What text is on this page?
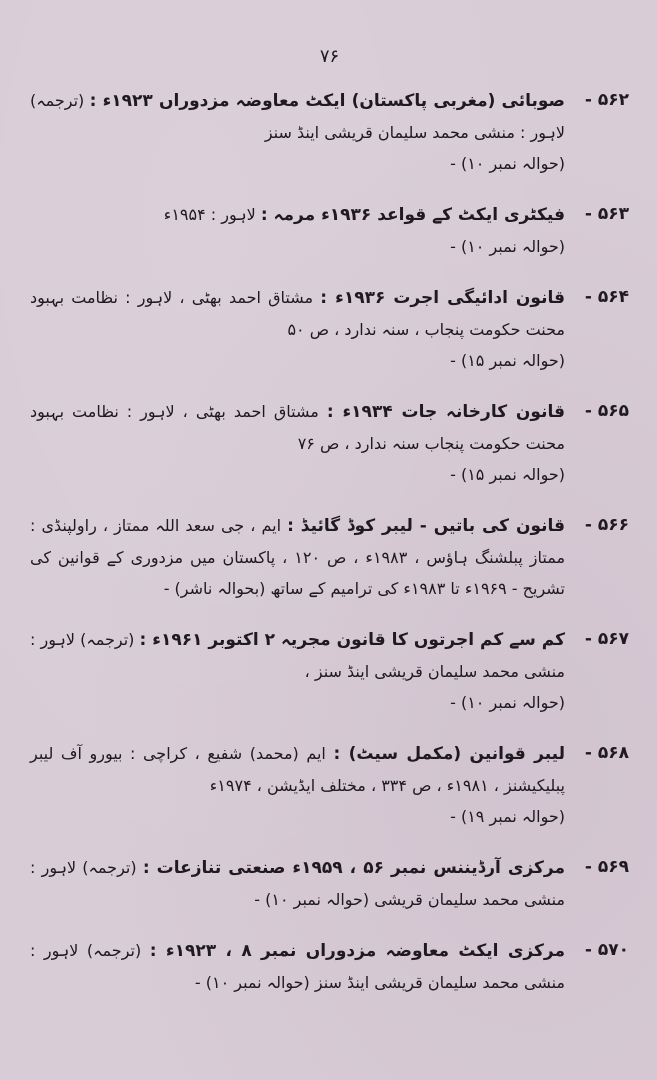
۷۶
۵۶۲ -
صوبائی (مغربی پاکستان) ایکٹ معاوضہ مزدوراں ۱۹۲۳ء : (ترجمہ) لاہور : منشی محمد سلیمان قریشی اینڈ سنز
(حوالہ نمبر ۱۰) -
۵۶۳ -
فیکٹری ایکٹ کے قواعد ۱۹۳۶ء مرمہ : لاہور : ۱۹۵۴ء
(حوالہ نمبر ۱۰) -
۵۶۴ -
قانون ادائیگی اجرت ۱۹۳۶ء : مشتاق احمد بھٹی ، لاہور : نظامت بہبود محنت حکومت پنجاب ، سنہ ندارد ، ص ۵۰
(حوالہ نمبر ۱۵) -
۵۶۵ -
قانون کارخانہ جات ۱۹۳۴ء : مشتاق احمد بھٹی ، لاہور : نظامت بہبود محنت حکومت پنجاب سنہ ندارد ، ص ۷۶
(حوالہ نمبر ۱۵) -
۵۶۶ -
قانون کی باتیں - لیبر کوڈ گائیڈ : ایم ، جی سعد اللہ ممتاز ، راولپنڈی : ممتاز پبلشنگ ہاؤس ، ۱۹۸۳ء ، ص ۱۲۰ ، پاکستان میں مزدوری کے قوانین کی تشریح - ۱۹۶۹ء تا ۱۹۸۳ء کی ترامیم کے ساتھ (بحوالہ ناشر) -
۵۶۷ -
کم سے کم اجرتوں کا قانون مجریہ ۲ اکتوبر ۱۹۶۱ء : (ترجمہ) لاہور : منشی محمد سلیمان قریشی اینڈ سنز ،
(حوالہ نمبر ۱۰) -
۵۶۸ -
لیبر قوانین (مکمل سیٹ) : ایم (محمد) شفیع ، کراچی : بیورو آف لیبر پبلیکیشنز ، ۱۹۸۱ء ، ص ۳۳۴ ، مختلف ایڈیشن ، ۱۹۷۴ء
(حوالہ نمبر ۱۹) -
۵۶۹ -
مرکزی آرڈیننس نمبر ۵۶ ، ۱۹۵۹ء صنعتی تنازعات : (ترجمہ) لاہور : منشی محمد سلیمان قریشی (حوالہ نمبر ۱۰) -
۵۷۰ -
مرکزی ایکٹ معاوضہ مزدوراں نمبر ۸ ، ۱۹۲۳ء : (ترجمہ) لاہور : منشی محمد سلیمان قریشی اینڈ سنز (حوالہ نمبر ۱۰) -
